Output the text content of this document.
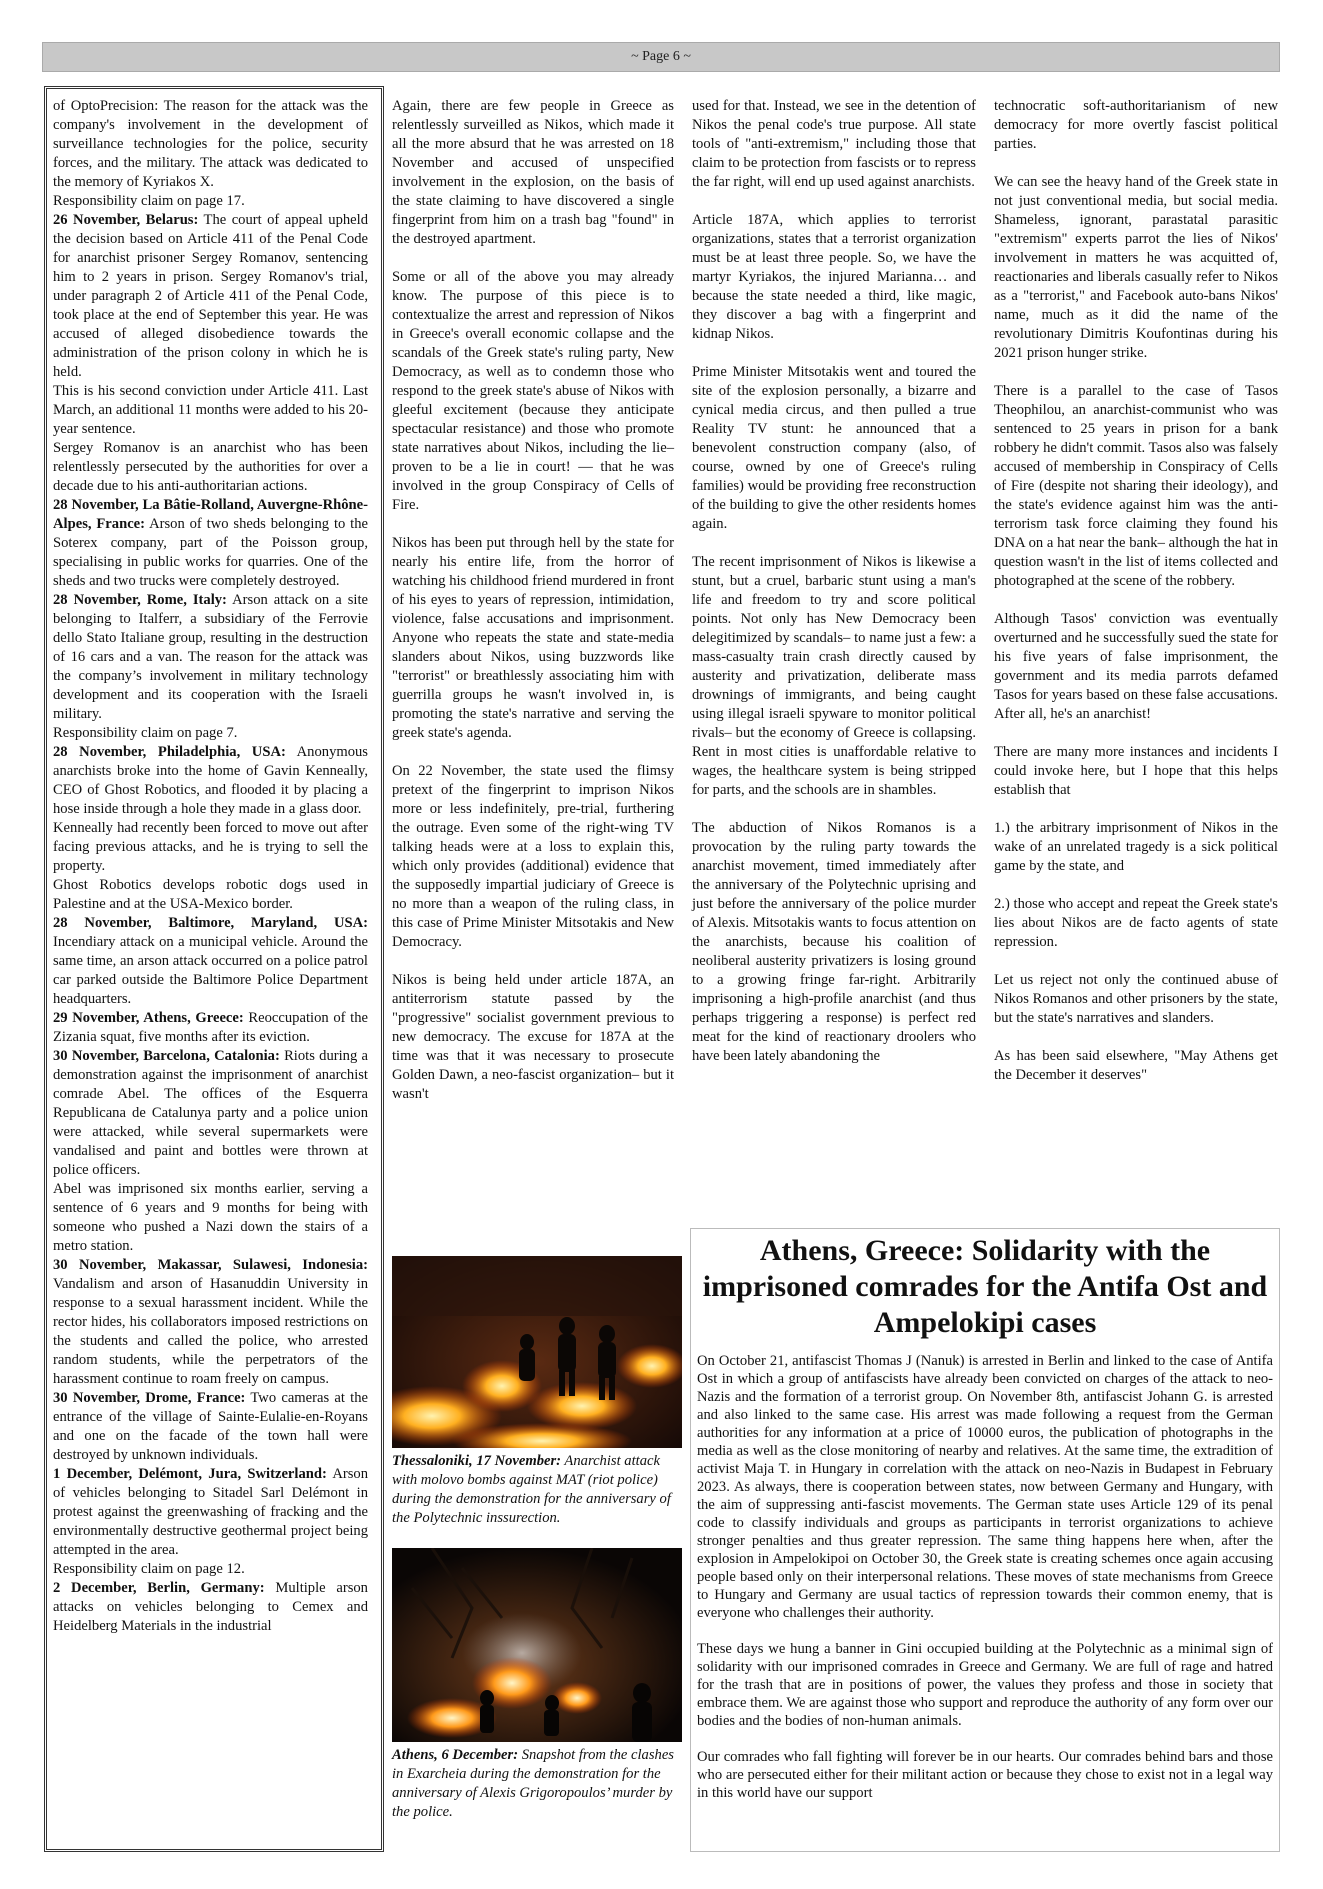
~ Page 6 ~

of OptoPrecision: The reason for the attack was the company's involvement in the development of surveillance technologies for the police, security forces, and the military. The attack was dedicated to the memory of Kyriakos X.

Responsibility claim on page 17.

26 November, Belarus: The court of appeal upheld the decision based on Article 411 of the Penal Code for anarchist prisoner Sergey Romanov, sentencing him to 2 years in prison. Sergey Romanov's trial, under paragraph 2 of Article 411 of the Penal Code, took place at the end of September this year. He was accused of alleged disobedience towards the administration of the prison colony in which he is held.

This is his second conviction under Article 411. Last March, an additional 11 months were added to his 20-year sentence.

Sergey Romanov is an anarchist who has been relentlessly persecuted by the authorities for over a decade due to his anti-authoritarian actions.

28 November, La Bâtie-Rolland, Auvergne-Rhône-Alpes, France: Arson of two sheds belonging to the Soterex company, part of the Poisson group, specialising in public works for quarries. One of the sheds and two trucks were completely destroyed.

28 November, Rome, Italy: Arson attack on a site belonging to Italferr, a subsidiary of the Ferrovie dello Stato Italiane group, resulting in the destruction of 16 cars and a van. The reason for the attack was the company’s involvement in military technology development and its cooperation with the Israeli military.

Responsibility claim on page 7.

28 November, Philadelphia, USA: Anonymous anarchists broke into the home of Gavin Kenneally, CEO of Ghost Robotics, and flooded it by placing a hose inside through a hole they made in a glass door.

Kenneally had recently been forced to move out after facing previous attacks, and he is trying to sell the property.

Ghost Robotics develops robotic dogs used in Palestine and at the USA-Mexico border.

28 November, Baltimore, Maryland, USA: Incendiary attack on a municipal vehicle. Around the same time, an arson attack occurred on a police patrol car parked outside the Baltimore Police Department headquarters.

29 November, Athens, Greece: Reoccupation of the Zizania squat, five months after its eviction.

30 November, Barcelona, Catalonia: Riots during a demonstration against the imprisonment of anarchist comrade Abel. The offices of the Esquerra Republicana de Catalunya party and a police union were attacked, while several supermarkets were vandalised and paint and bottles were thrown at police officers.

Abel was imprisoned six months earlier, serving a sentence of 6 years and 9 months for being with someone who pushed a Nazi down the stairs of a metro station.

30 November, Makassar, Sulawesi, Indonesia: Vandalism and arson of Hasanuddin University in response to a sexual harassment incident. While the rector hides, his collaborators imposed restrictions on the students and called the police, who arrested random students, while the perpetrators of the harassment continue to roam freely on campus.

30 November, Drome, France: Two cameras at the entrance of the village of Sainte-Eulalie-en-Royans and one on the facade of the town hall were destroyed by unknown individuals.

1 December, Delémont, Jura, Switzerland: Arson of vehicles belonging to Sitadel Sarl Delémont in protest against the greenwashing of fracking and the environmentally destructive geothermal project being attempted in the area.

Responsibility claim on page 12.

2 December, Berlin, Germany: Multiple arson attacks on vehicles belonging to Cemex and Heidelberg Materials in the industrial

Again, there are few people in Greece as relentlessly surveilled as Nikos, which made it all the more absurd that he was arrested on 18 November and accused of unspecified involvement in the explosion, on the basis of the state claiming to have discovered a single fingerprint from him on a trash bag "found" in the destroyed apartment.

Some or all of the above you may already know. The purpose of this piece is to contextualize the arrest and repression of Nikos in Greece's overall economic collapse and the scandals of the Greek state's ruling party, New Democracy, as well as to condemn those who respond to the greek state's abuse of Nikos with gleeful excitement (because they anticipate spectacular resistance) and those who promote state narratives about Nikos, including the lie– proven to be a lie in court! — that he was involved in the group Conspiracy of Cells of Fire.

Nikos has been put through hell by the state for nearly his entire life, from the horror of watching his childhood friend murdered in front of his eyes to years of repression, intimidation, violence, false accusations and imprisonment. Anyone who repeats the state and state-media slanders about Nikos, using buzzwords like "terrorist" or breathlessly associating him with guerrilla groups he wasn't involved in, is promoting the state's narrative and serving the greek state's agenda.

On 22 November, the state used the flimsy pretext of the fingerprint to imprison Nikos more or less indefinitely, pre-trial, furthering the outrage. Even some of the right-wing TV talking heads were at a loss to explain this, which only provides (additional) evidence that the supposedly impartial judiciary of Greece is no more than a weapon of the ruling class, in this case of Prime Minister Mitsotakis and New Democracy.

Nikos is being held under article 187A, an antiterrorism statute passed by the "progressive" socialist government previous to new democracy. The excuse for 187A at the time was that it was necessary to prosecute Golden Dawn, a neo-fascist organization– but it wasn't

used for that. Instead, we see in the detention of Nikos the penal code's true purpose. All state tools of "anti-extremism," including those that claim to be protection from fascists or to repress the far right, will end up used against anarchists.

Article 187A, which applies to terrorist organizations, states that a terrorist organization must be at least three people. So, we have the martyr Kyriakos, the injured Marianna… and because the state needed a third, like magic, they discover a bag with a fingerprint and kidnap Nikos.

Prime Minister Mitsotakis went and toured the site of the explosion personally, a bizarre and cynical media circus, and then pulled a true Reality TV stunt: he announced that a benevolent construction company (also, of course, owned by one of Greece's ruling families) would be providing free reconstruction of the building to give the other residents homes again.

The recent imprisonment of Nikos is likewise a stunt, but a cruel, barbaric stunt using a man's life and freedom to try and score political points. Not only has New Democracy been delegitimized by scandals– to name just a few: a mass-casualty train crash directly caused by austerity and privatization, deliberate mass drownings of immigrants, and being caught using illegal israeli spyware to monitor political rivals– but the economy of Greece is collapsing. Rent in most cities is unaffordable relative to wages, the healthcare system is being stripped for parts, and the schools are in shambles.

The abduction of Nikos Romanos is a provocation by the ruling party towards the anarchist movement, timed immediately after the anniversary of the Polytechnic uprising and just before the anniversary of the police murder of Alexis. Mitsotakis wants to focus attention on the anarchists, because his coalition of neoliberal austerity privatizers is losing ground to a growing fringe far-right. Arbitrarily imprisoning a high-profile anarchist (and thus perhaps triggering a response) is perfect red meat for the kind of reactionary droolers who have been lately abandoning the

technocratic soft-authoritarianism of new democracy for more overtly fascist political parties.

We can see the heavy hand of the Greek state in not just conventional media, but social media. Shameless, ignorant, parastatal parasitic "extremism" experts parrot the lies of Nikos' involvement in matters he was acquitted of, reactionaries and liberals casually refer to Nikos as a "terrorist," and Facebook auto-bans Nikos' name, much as it did the name of the revolutionary Dimitris Koufontinas during his 2021 prison hunger strike.

There is a parallel to the case of Tasos Theophilou, an anarchist-communist who was sentenced to 25 years in prison for a bank robbery he didn't commit. Tasos also was falsely accused of membership in Conspiracy of Cells of Fire (despite not sharing their ideology), and the state's evidence against him was the anti-terrorism task force claiming they found his DNA on a hat near the bank– although the hat in question wasn't in the list of items collected and photographed at the scene of the robbery.

Although Tasos' conviction was eventually overturned and he successfully sued the state for his five years of false imprisonment, the government and its media parrots defamed Tasos for years based on these false accusations. After all, he's an anarchist!

There are many more instances and incidents I could invoke here, but I hope that this helps establish that

1.) the arbitrary imprisonment of Nikos in the wake of an unrelated tragedy is a sick political game by the state, and

2.) those who accept and repeat the Greek state's lies about Nikos are de facto agents of state repression.

Let us reject not only the continued abuse of Nikos Romanos and other prisoners by the state, but the state's narratives and slanders.

As has been said elsewhere, "May Athens get the December it deserves"

Thessaloniki, 17 November: Anarchist attack with molovo bombs against MAT (riot police) during the demonstration for the anniversary of the Polytechnic inssurection.
Athens, 6 December: Snapshot from the clashes in Exarcheia during the demonstration for the anniversary of Alexis Grigoropoulos’ murder by the police.
Athens, Greece: Solidarity with the imprisoned comrades for the Antifa Ost and Ampelokipi cases

On October 21, antifascist Thomas J (Nanuk) is arrested in Berlin and linked to the case of Antifa Ost in which a group of antifascists have already been convicted on charges of the attack to neo-Nazis and the formation of a terrorist group. On November 8th, antifascist Johann G. is arrested and also linked to the same case. His arrest was made following a request from the German authorities for any information at a price of 10000 euros, the publication of photographs in the media as well as the close monitoring of nearby and relatives. At the same time, the extradition of activist Maja T. in Hungary in correlation with the attack on neo-Nazis in Budapest in February 2023. As always, there is cooperation between states, now between Germany and Hungary, with the aim of suppressing anti-fascist movements. The German state uses Article 129 of its penal code to classify individuals and groups as participants in terrorist organizations to achieve stronger penalties and thus greater repression. The same thing happens here when, after the explosion in Ampelokipoi on October 30, the Greek state is creating schemes once again accusing people based only on their interpersonal relations. These moves of state mechanisms from Greece to Hungary and Germany are usual tactics of repression towards their common enemy, that is everyone who challenges their authority.

These days we hung a banner in Gini occupied building at the Polytechnic as a minimal sign of solidarity with our imprisoned comrades in Greece and Germany. We are full of rage and hatred for the trash that are in positions of power, the values they profess and those in society that embrace them. We are against those who support and reproduce the authority of any form over our bodies and the bodies of non-human animals.

Our comrades who fall fighting will forever be in our hearts. Our comrades behind bars and those who are persecuted either for their militant action or because they chose to exist not in a legal way in this world have our support
